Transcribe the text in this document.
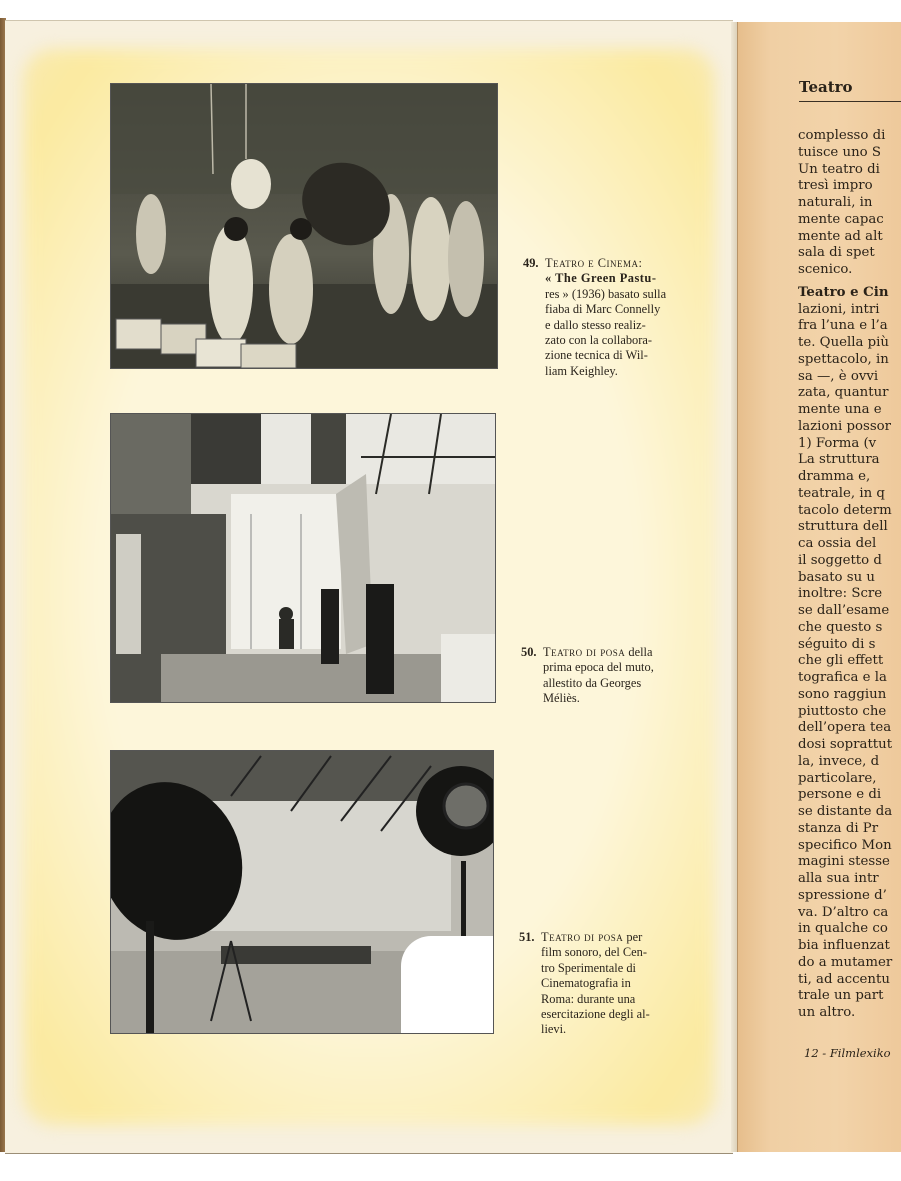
49. Teatro e Cinema:
« The Green Pastu-
res » (1936) basato sulla
fiaba di Marc Connelly
e dallo stesso realiz-
zato con la collabora-
zione tecnica di Wil-
liam Keighley.
50. Teatro di posa della
prima epoca del muto,
allestito da Georges
Méliès.
51. Teatro di posa per
film sonoro, del Cen-
tro Sperimentale di
Cinematografia in
Roma: durante una
esercitazione degli al-
lievi.
Teatro
complesso di
tuisce uno S
Un teatro di
tresì impro
naturali, in
mente capac
mente ad alt
sala di spet
scenico.
Teatro e Cin
lazioni, intri
fra l’una e l’a
te. Quella più
spettacolo, in
sa —, è ovvi
zata, quantur
mente una e
lazioni possor
1) Forma (v
La struttura
dramma e,
teatrale, in q
tacolo determ
struttura dell
ca ossia del
il soggetto d
basato su u
inoltre: Scre
se dall’esame
che questo s
séguito di s
che gli effett
tografica e la
sono raggiun
piuttosto che
dell’opera tea
dosi soprattut
la, invece, d
particolare,
persone e di
se distante da
stanza di Pr
specifico Mon
magini stesse
alla sua intr
spressione d’
va. D’altro ca
in qualche co
bia influenzat
do a mutamer
ti, ad accentu
trale un part
un altro.
12 - Filmlexiko
